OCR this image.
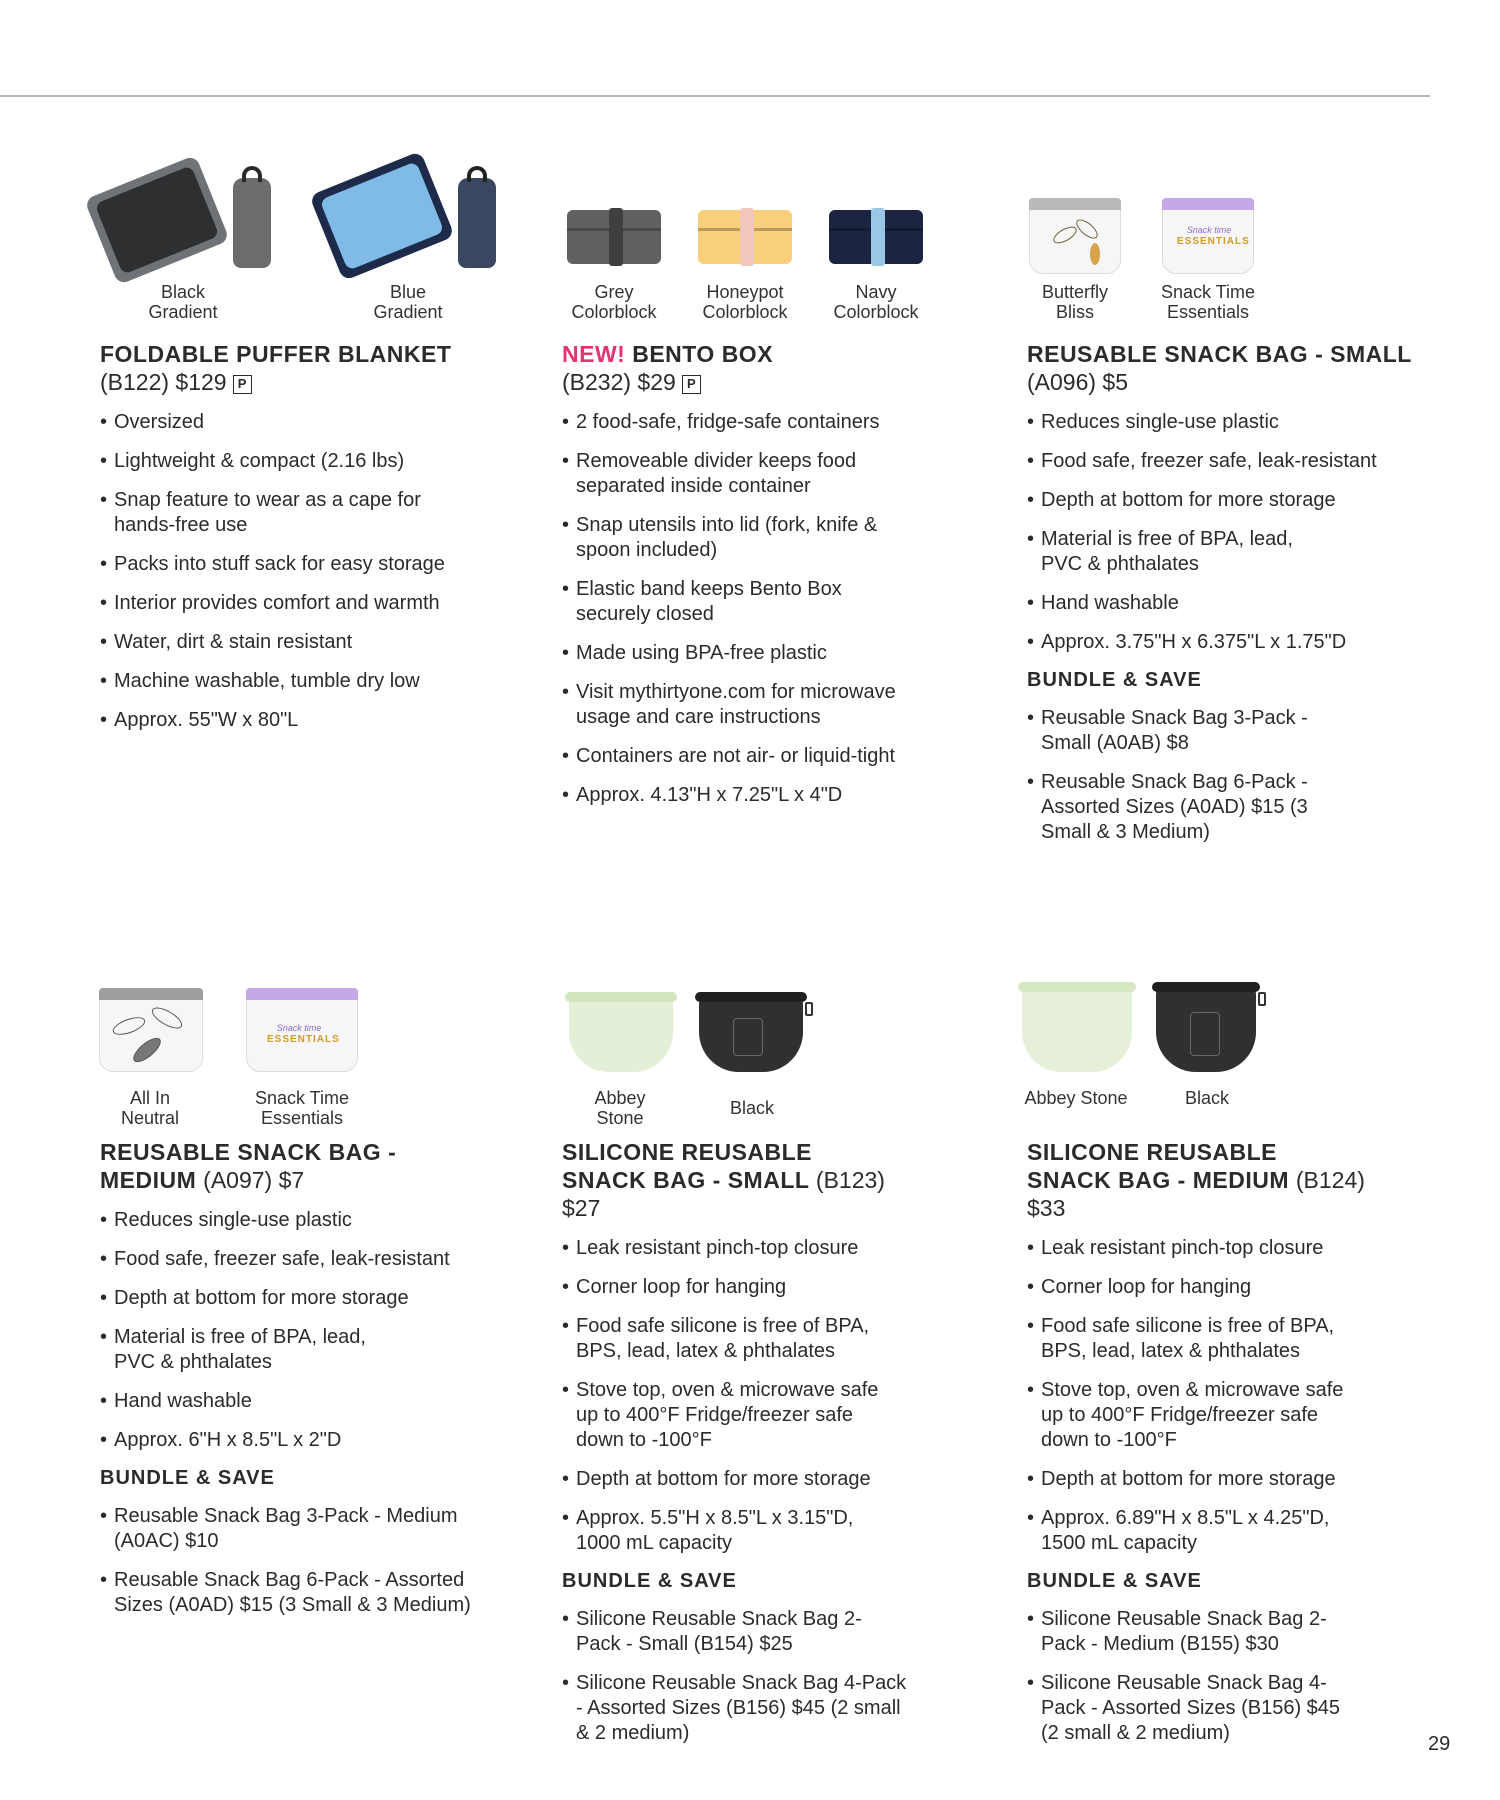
Black
Gradient
Blue
Gradient
FOLDABLE PUFFER BLANKET
(B122) $129 P
• Oversized
• Lightweight & compact (2.16 lbs)
• Snap feature to wear as a cape for hands-free use
• Packs into stuff sack for easy storage
• Interior provides comfort and warmth
• Water, dirt & stain resistant
• Machine washable, tumble dry low
• Approx. 55"W x 80"L
Grey
Colorblock
Honeypot
Colorblock
Navy
Colorblock
NEW! BENTO BOX
(B232) $29 P
• 2 food-safe, fridge-safe containers
• Removeable divider keeps food separated inside container
• Snap utensils into lid (fork, knife & spoon included)
• Elastic band keeps Bento Box securely closed
• Made using BPA-free plastic
• Visit mythirtyone.com for microwave usage and care instructions
• Containers are not air- or liquid-tight
• Approx. 4.13"H x 7.25"L x 4"D
Butterfly
Bliss
Snack time
ESSENTIALS
Snack Time
Essentials
REUSABLE SNACK BAG - SMALL
(A096) $5
• Reduces single-use plastic
• Food safe, freezer safe, leak-resistant
• Depth at bottom for more storage
• Material is free of BPA, lead, PVC & phthalates
• Hand washable
• Approx. 3.75"H x 6.375"L x 1.75"D
BUNDLE & SAVE
• Reusable Snack Bag 3-Pack - Small (A0AB) $8
• Reusable Snack Bag 6-Pack - Assorted Sizes (A0AD) $15 (3 Small & 3 Medium)
All In
Neutral
Snack time
ESSENTIALS
Snack Time
Essentials
REUSABLE SNACK BAG - MEDIUM (A097) $7
• Reduces single-use plastic
• Food safe, freezer safe, leak-resistant
• Depth at bottom for more storage
• Material is free of BPA, lead, PVC & phthalates
• Hand washable
• Approx. 6"H x 8.5"L x 2"D
BUNDLE & SAVE
• Reusable Snack Bag 3-Pack - Medium (A0AC) $10
• Reusable Snack Bag 6-Pack - Assorted Sizes (A0AD) $15 (3 Small & 3 Medium)
Abbey
Stone	Black
SILICONE REUSABLE SNACK BAG - SMALL (B123) $27
• Leak resistant pinch-top closure
• Corner loop for hanging
• Food safe silicone is free of BPA, BPS, lead, latex & phthalates
• Stove top, oven & microwave safe up to 400°F Fridge/freezer safe down to -100°F
• Depth at bottom for more storage
• Approx. 5.5"H x 8.5"L x 3.15"D, 1000 mL capacity
BUNDLE & SAVE
• Silicone Reusable Snack Bag 2-Pack - Small (B154) $25
• Silicone Reusable Snack Bag 4-Pack - Assorted Sizes (B156) $45 (2 small & 2 medium)
Abbey Stone	Black
SILICONE REUSABLE SNACK BAG - MEDIUM (B124) $33
• Leak resistant pinch-top closure
• Corner loop for hanging
• Food safe silicone is free of BPA, BPS, lead, latex & phthalates
• Stove top, oven & microwave safe up to 400°F Fridge/freezer safe down to -100°F
• Depth at bottom for more storage
• Approx. 6.89"H x 8.5"L x 4.25"D, 1500 mL capacity
BUNDLE & SAVE
• Silicone Reusable Snack Bag 2-Pack - Medium (B155) $30
• Silicone Reusable Snack Bag 4-Pack - Assorted Sizes (B156) $45 (2 small & 2 medium)	29
